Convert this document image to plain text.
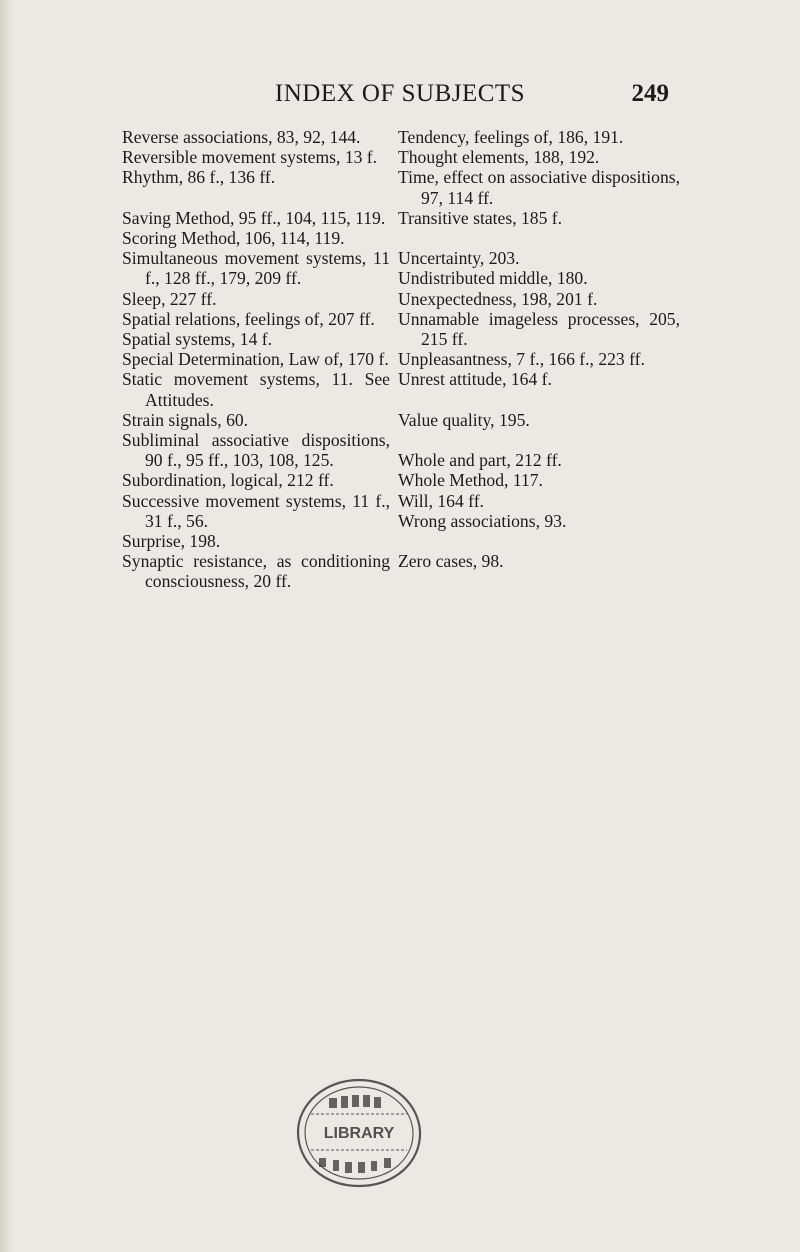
INDEX OF SUBJECTS	249
Reverse associations, 83, 92, 144.
Reversible movement systems, 13 f.
Rhythm, 86 f., 136 ff.
Saving Method, 95 ff., 104, 115, 119.
Scoring Method, 106, 114, 119.
Simultaneous movement systems, 11 f., 128 ff., 179, 209 ff.
Sleep, 227 ff.
Spatial relations, feelings of, 207 ff.
Spatial systems, 14 f.
Special Determination, Law of, 170 f.
Static movement systems, 11. See Attitudes.
Strain signals, 60.
Subliminal associative dispositions, 90 f., 95 ff., 103, 108, 125.
Subordination, logical, 212 ff.
Successive movement systems, 11 f., 31 f., 56.
Surprise, 198.
Synaptic resistance, as conditioning consciousness, 20 ff.
Tendency, feelings of, 186, 191.
Thought elements, 188, 192.
Time, effect on associative dispositions, 97, 114 ff.
Transitive states, 185 f.
Uncertainty, 203.
Undistributed middle, 180.
Unexpectedness, 198, 201 f.
Unnamable imageless processes, 205, 215 ff.
Unpleasantness, 7 f., 166 f., 223 ff.
Unrest attitude, 164 f.
Value quality, 195.
Whole and part, 212 ff.
Whole Method, 117.
Will, 164 ff.
Wrong associations, 93.
Zero cases, 98.
LIBRARY
